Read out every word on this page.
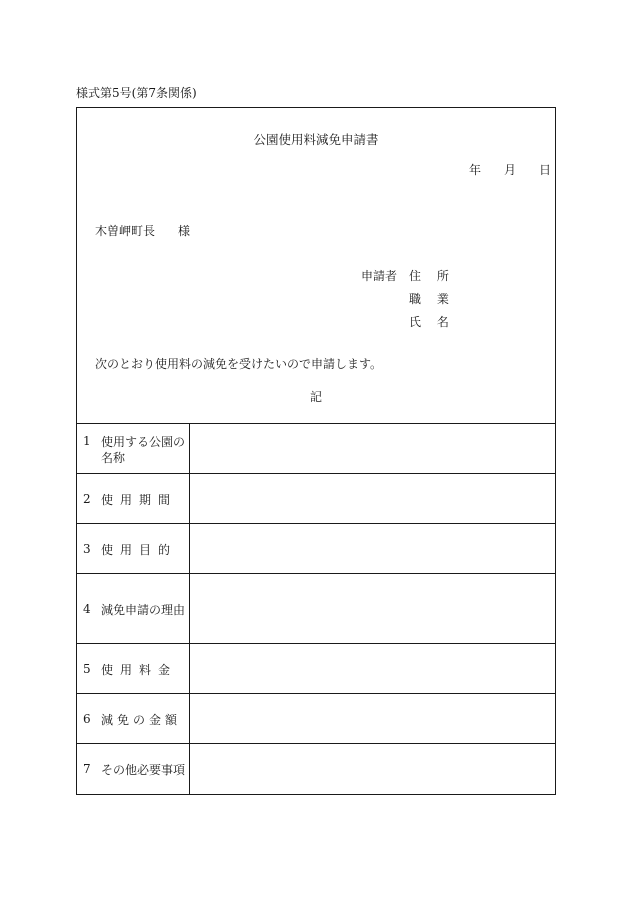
様式第5号(第7条関係)
公園使用料減免申請書
年 月 日
木曽岬町長 様
申請者 住 所
職 業
氏 名
次のとおり使用料の減免を受けたいので申請します。
記
1 使用する公園の
名称
2 使用期間
3 使用目的
4 減免申請の理由
5 使用料金
6 減免の金額
7 その他必要事項
